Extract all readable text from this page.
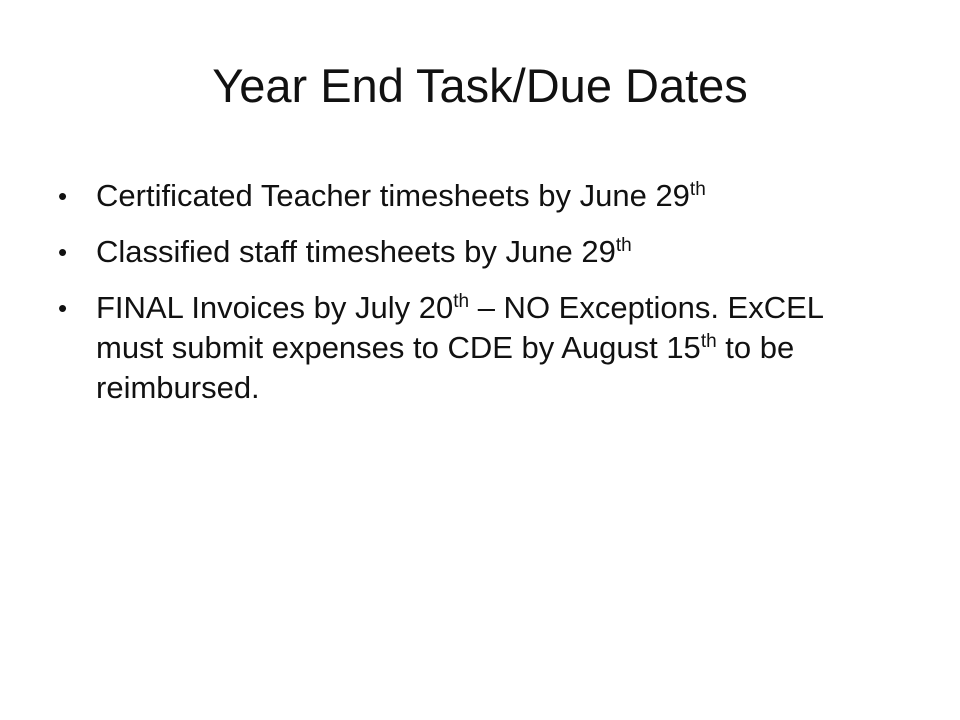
Year End Task/Due Dates
• Certificated Teacher timesheets by June 29th
• Classified staff timesheets by June 29th
• FINAL Invoices by July 20th – NO Exceptions. ExCEL must submit expenses to CDE by August 15th to be reimbursed.
